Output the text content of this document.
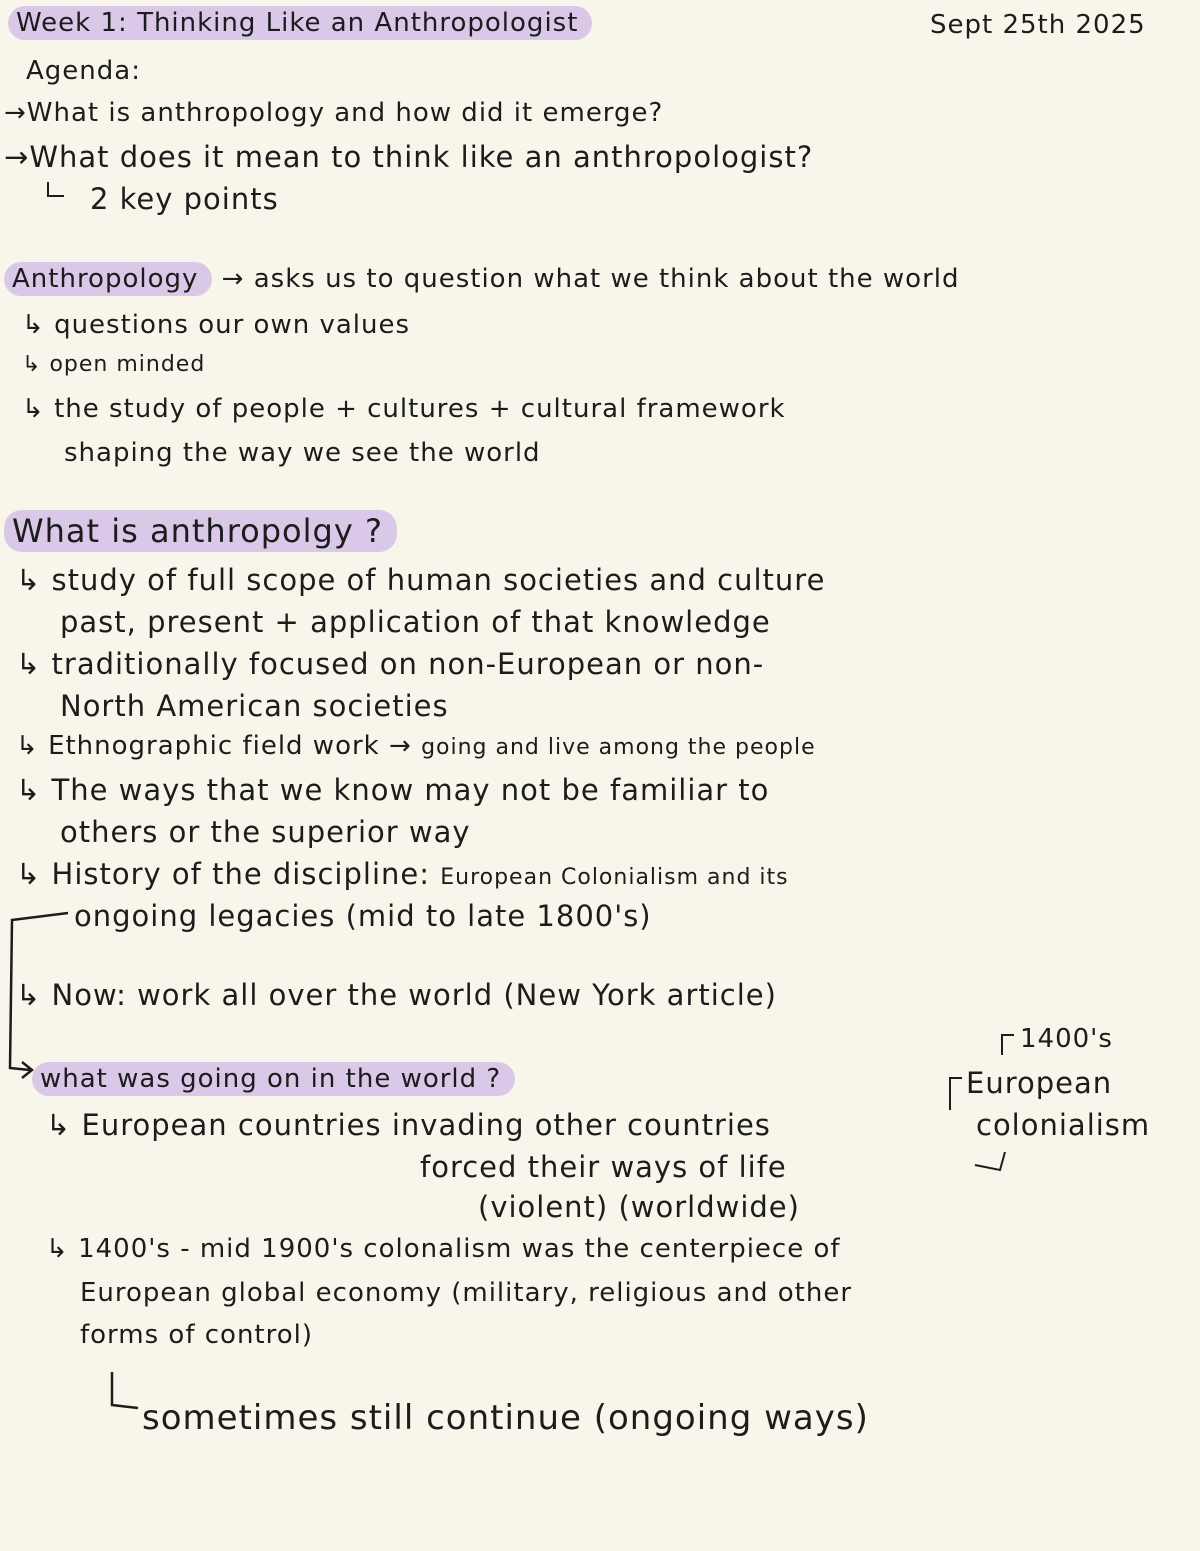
Week 1: Thinking Like an Anthropologist	Sept 25th 2025
Agenda:
→What is anthropology and how did it emerge?
→What does it mean to think like an anthropologist?
2 key points
Anthropology → asks us to question what we think about the world
↳ questions our own values
↳ open minded
↳ the study of people + cultures + cultural framework
shaping the way we see the world
What is anthropolgy ?
↳ study of full scope of human societies and culture
past, present + application of that knowledge
↳ traditionally focused on non-European or non-
North American societies
↳ Ethnographic field work → going and live among the people
↳ The ways that we know may not be familiar to
others or the superior way
↳ History of the discipline: European Colonialism and its
ongoing legacies (mid to late 1800's)
↳ Now: work all over the world (New York article)
1400's
European
colonialism
what was going on in the world ?
↳ European countries invading other countries
forced their ways of life
(violent) (worldwide)
↳ 1400's - mid 1900's colonalism was the centerpiece of
European global economy (military, religious and other
forms of control)
sometimes still continue (ongoing ways)
